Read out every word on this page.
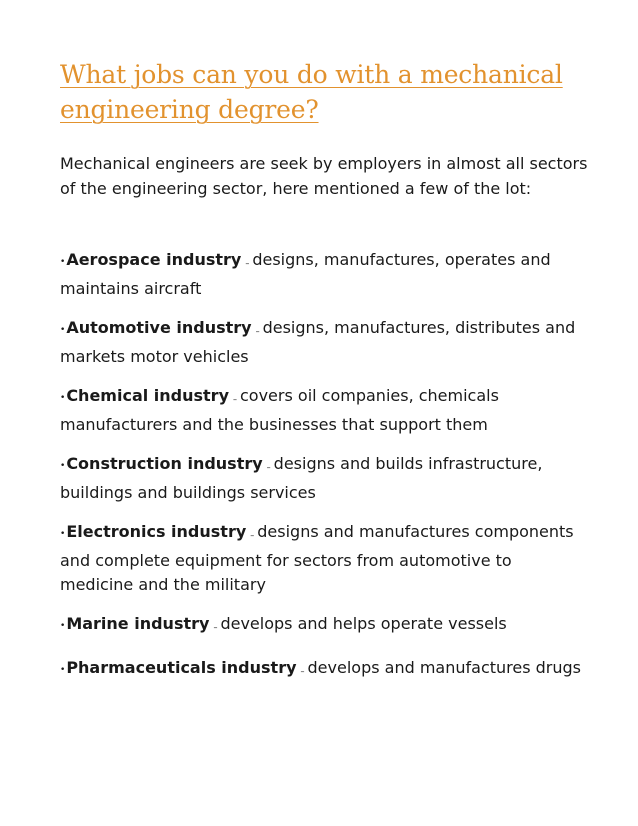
What jobs can you do with a mechanical engineering degree?

Mechanical engineers are seek by employers in almost all sectors of the engineering sector, here mentioned a few of the lot:

•Aerospace industry – designs, manufactures, operates and maintains aircraft

•Automotive industry – designs, manufactures, distributes and markets motor vehicles

•Chemical industry – covers oil companies, chemicals manufacturers and the businesses that support them

•Construction industry – designs and builds infrastructure, buildings and buildings services

•Electronics industry – designs and manufactures components and complete equipment for sectors from automotive to medicine and the military

•Marine industry – develops and helps operate vessels

•Pharmaceuticals industry – develops and manufactures drugs
